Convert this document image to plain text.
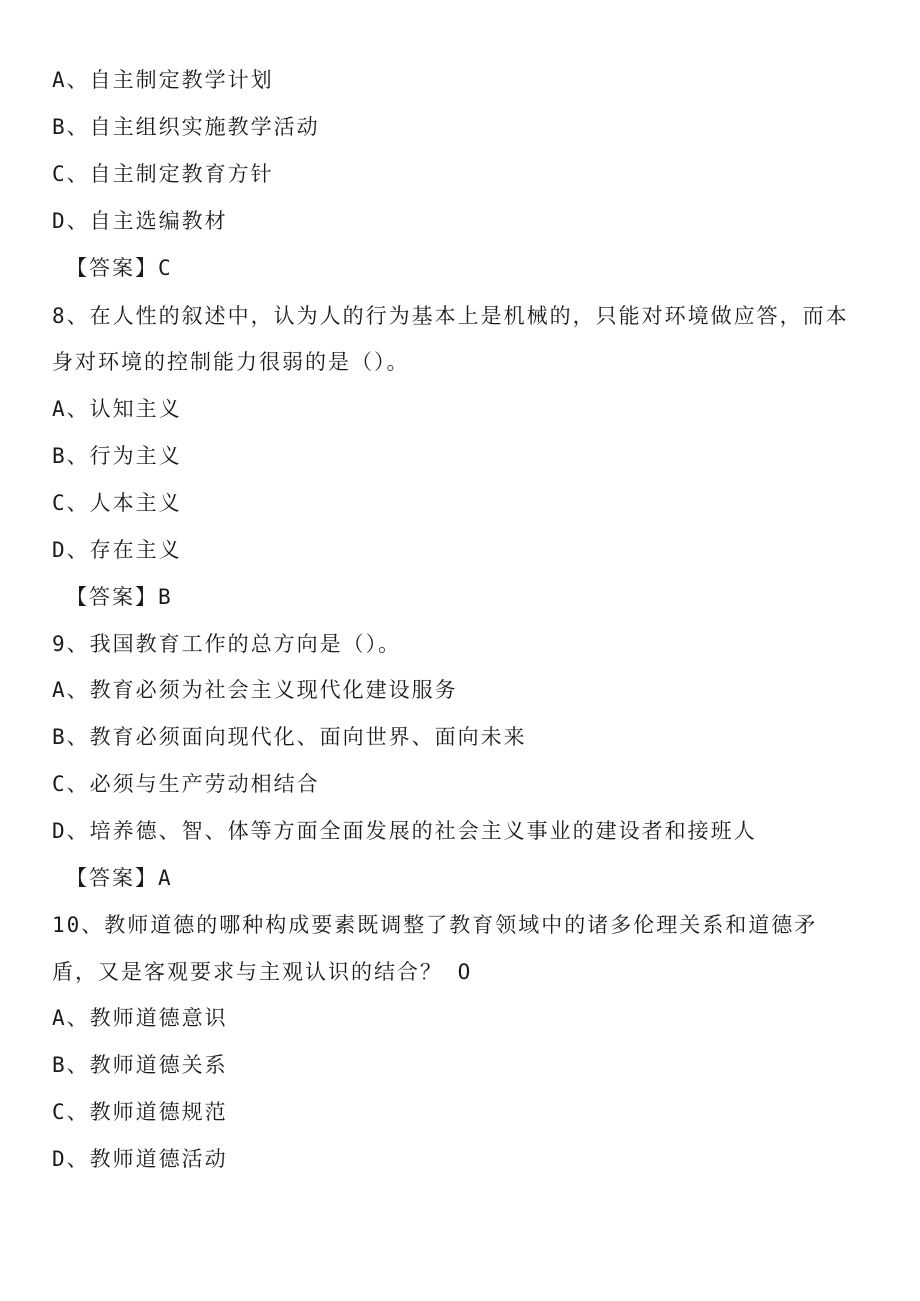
A、自主制定教学计划
B、自主组织实施教学活动
C、自主制定教育方针
D、自主选编教材
【答案】C
8、在人性的叙述中，认为人的行为基本上是机械的，只能对环境做应答，而本
身对环境的控制能力很弱的是（）。
A、认知主义
B、行为主义
C、人本主义
D、存在主义
【答案】B
9、我国教育工作的总方向是（）。
A、教育必须为社会主义现代化建设服务
B、教育必须面向现代化、面向世界、面向未来
C、必须与生产劳动相结合
D、培养德、智、体等方面全面发展的社会主义事业的建设者和接班人
【答案】A
10、教师道德的哪种构成要素既调整了教育领域中的诸多伦理关系和道德矛
盾，又是客观要求与主观认识的结合？ O
A、教师道德意识
B、教师道德关系
C、教师道德规范
D、教师道德活动
